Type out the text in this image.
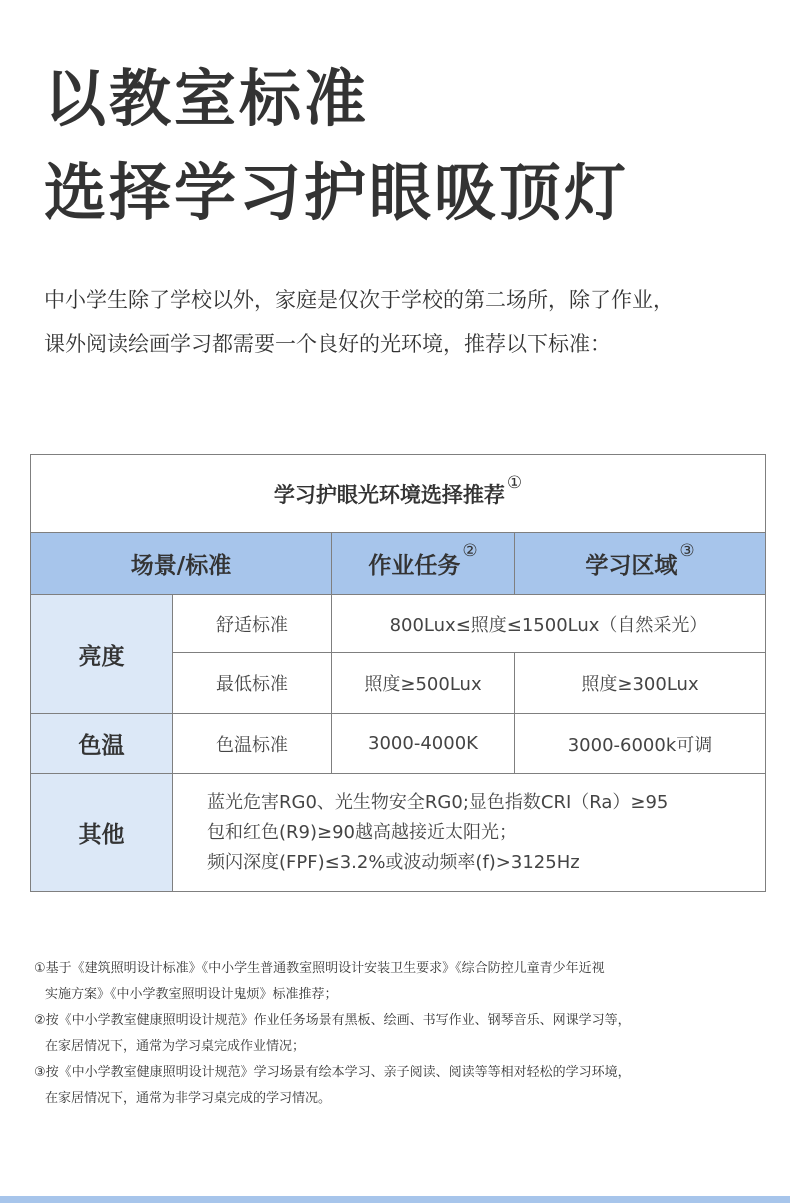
以教室标准
选择学习护眼吸顶灯
中小学生除了学校以外，家庭是仅次于学校的第二场所，除了作业，
课外阅读绘画学习都需要一个良好的光环境，推荐以下标准：
学习护眼光环境选择推荐 ①
场景/标准		作业任务②	学习区域③
亮度	舒适标准	800Lux≤照度≤1500Lux（自然采光）	
	最低标准	照度≥500Lux	照度≥300Lux
色温	色温标准	3000-4000K	3000-6000k可调
其他	蓝光危害RG0、光生物安全RG0;显色指数CRI（Ra）≥95
包和红色(R9)≥90越高越接近太阳光；
频闪深度(FPF)≤3.2%或波动频率(f)>3125Hz		
①基于《建筑照明设计标准》《中小学生普通教室照明设计安装卫生要求》《综合防控儿童青少年近视
实施方案》《中小学教室照明设计鬼烦》标准推荐；
②按《中小学教室健康照明设计规范》作业任务场景有黑板、绘画、书写作业、钢琴音乐、网课学习等，
在家居情况下，通常为学习桌完成作业情况；
③按《中小学教室健康照明设计规范》学习场景有绘本学习、亲子阅读、阅读等等相对轻松的学习环境，
在家居情况下，通常为非学习桌完成的学习情况。
